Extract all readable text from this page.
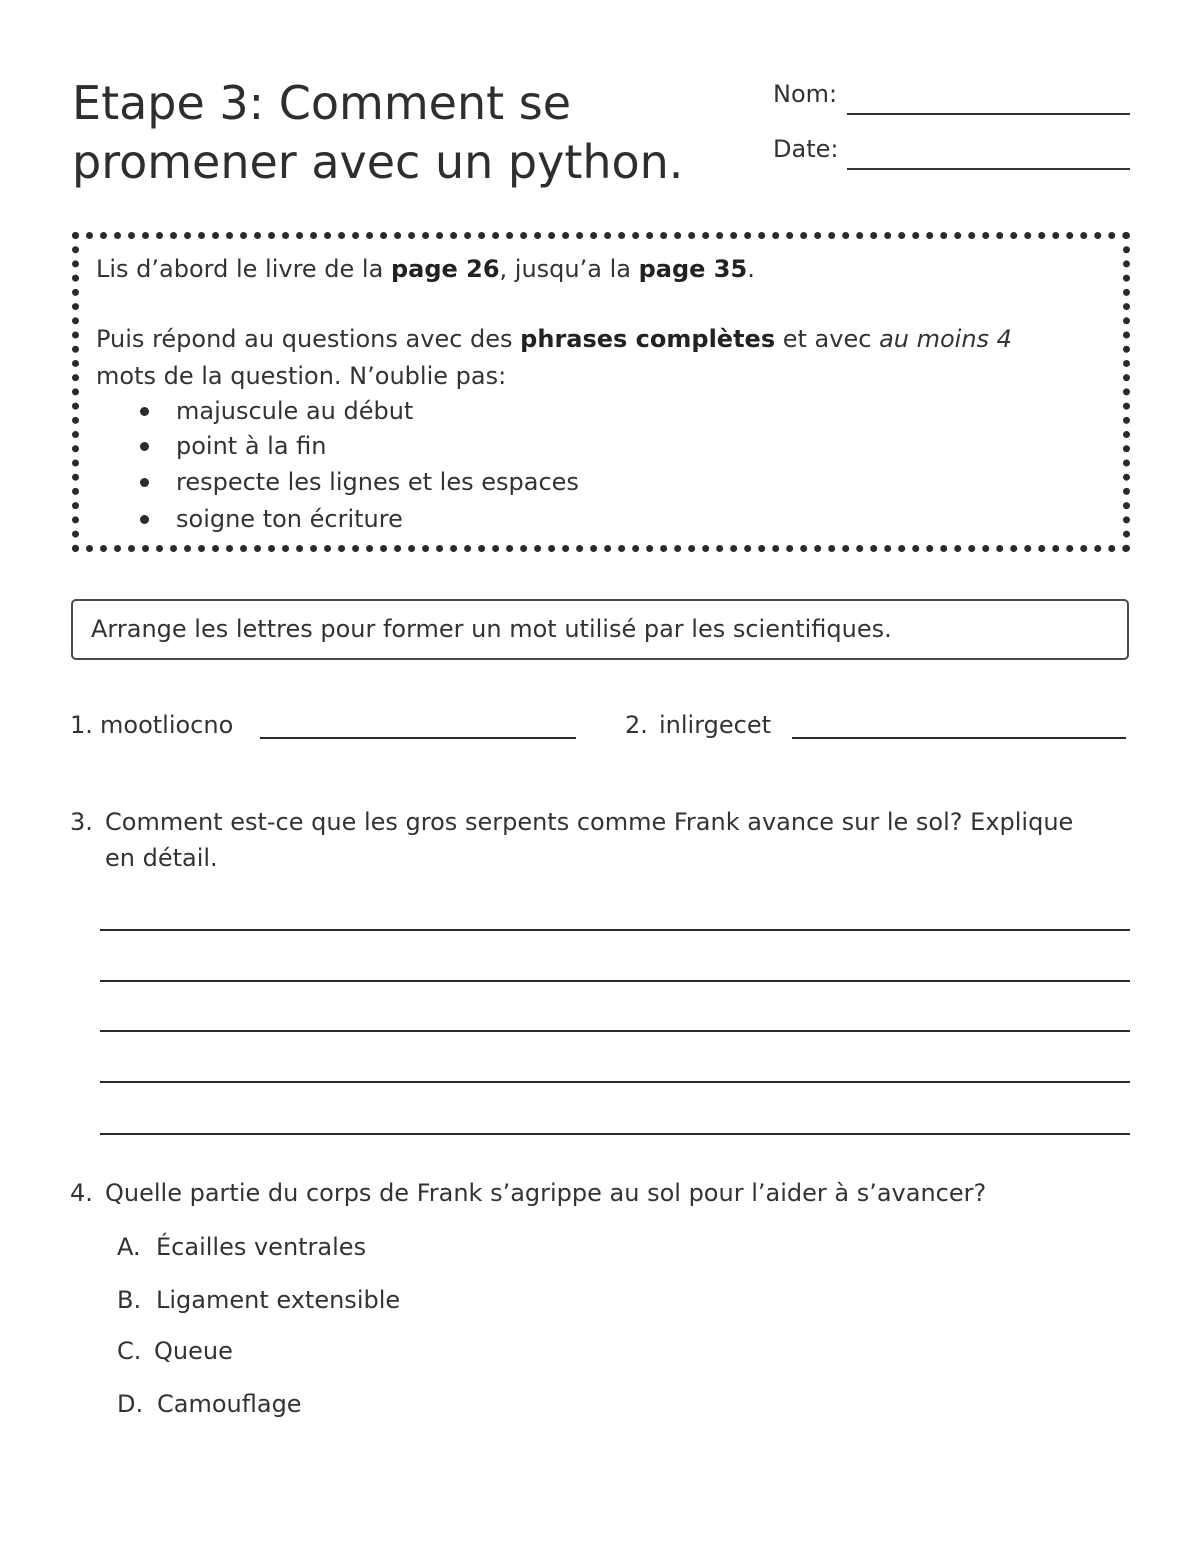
Etape 3: Comment se
promener avec un python.
Nom:
Date:
Lis d’abord le livre de la page 26, jusqu’a la page 35.
Puis répond au questions avec des phrases complètes et avec au moins 4
mots de la question. N’oublie pas:
majuscule au début
point à la fin
respecte les lignes et les espaces
soigne ton écriture
Arrange les lettres pour former un mot utilisé par les scientifiques.
1. mootliocno	2. inlirgecet
3. Comment est-ce que les gros serpents comme Frank avance sur le sol? Explique
en détail.
4. Quelle partie du corps de Frank s’agrippe au sol pour l’aider à s’avancer?
A. Écailles ventrales
B. Ligament extensible
C. Queue
D. Camouflage
